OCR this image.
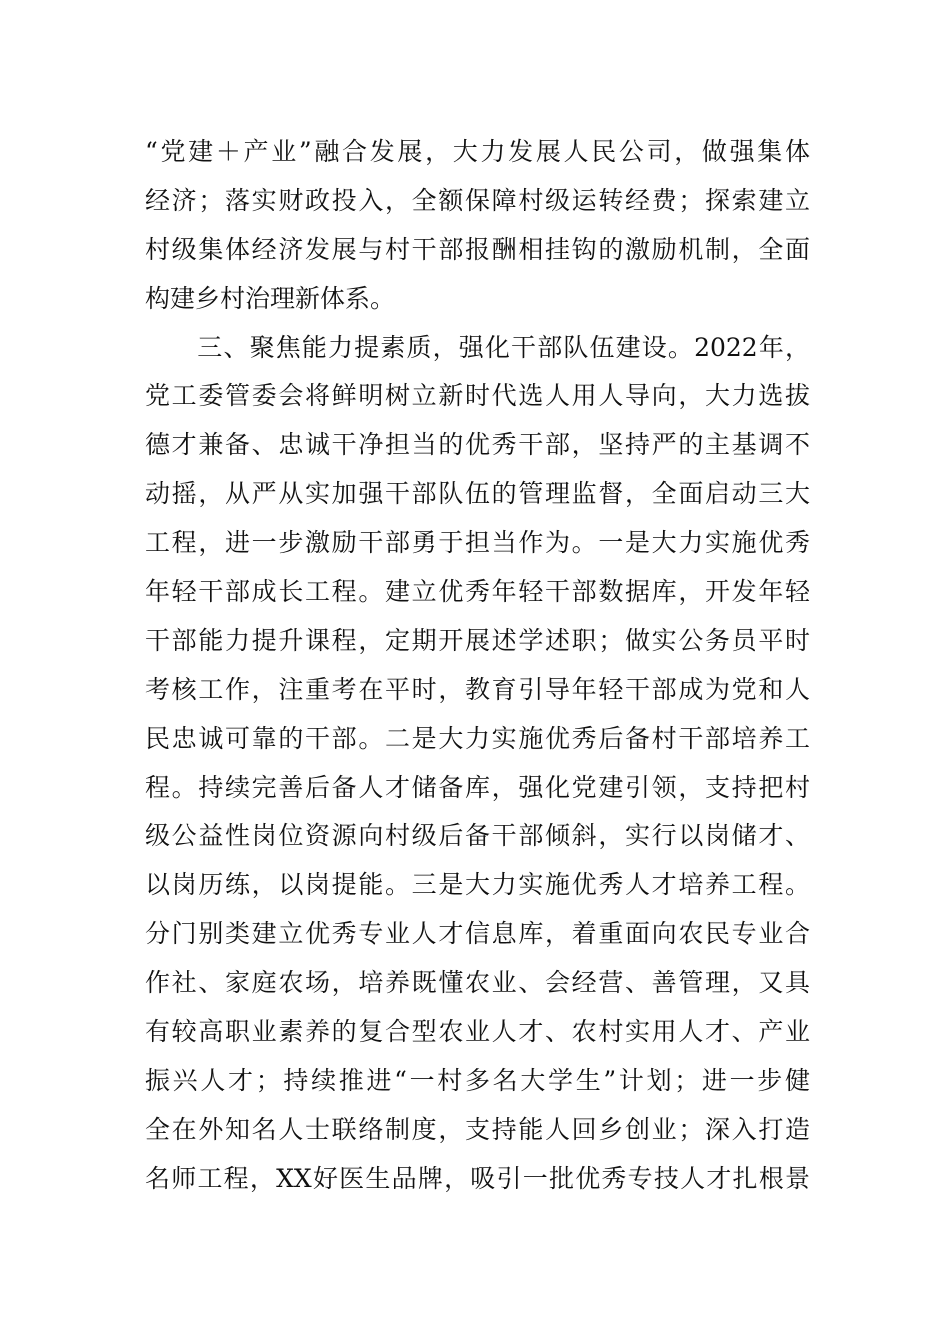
“党建＋产业”融合发展，大力发展人民公司，做强集体
经济；落实财政投入，全额保障村级运转经费；探索建立
村级集体经济发展与村干部报酬相挂钩的激励机制，全面
构建乡村治理新体系。
　　三、聚焦能力提素质，强化干部队伍建设。2022年，
党工委管委会将鲜明树立新时代选人用人导向，大力选拔
德才兼备、忠诚干净担当的优秀干部，坚持严的主基调不
动摇，从严从实加强干部队伍的管理监督，全面启动三大
工程，进一步激励干部勇于担当作为。一是大力实施优秀
年轻干部成长工程。建立优秀年轻干部数据库，开发年轻
干部能力提升课程，定期开展述学述职；做实公务员平时
考核工作，注重考在平时，教育引导年轻干部成为党和人
民忠诚可靠的干部。二是大力实施优秀后备村干部培养工
程。持续完善后备人才储备库，强化党建引领，支持把村
级公益性岗位资源向村级后备干部倾斜，实行以岗储才、
以岗历练，以岗提能。三是大力实施优秀人才培养工程。
分门别类建立优秀专业人才信息库，着重面向农民专业合
作社、家庭农场，培养既懂农业、会经营、善管理，又具
有较高职业素养的复合型农业人才、农村实用人才、产业
振兴人才；持续推进“一村多名大学生”计划；进一步健
全在外知名人士联络制度，支持能人回乡创业；深入打造
名师工程，XX好医生品牌，吸引一批优秀专技人才扎根景
